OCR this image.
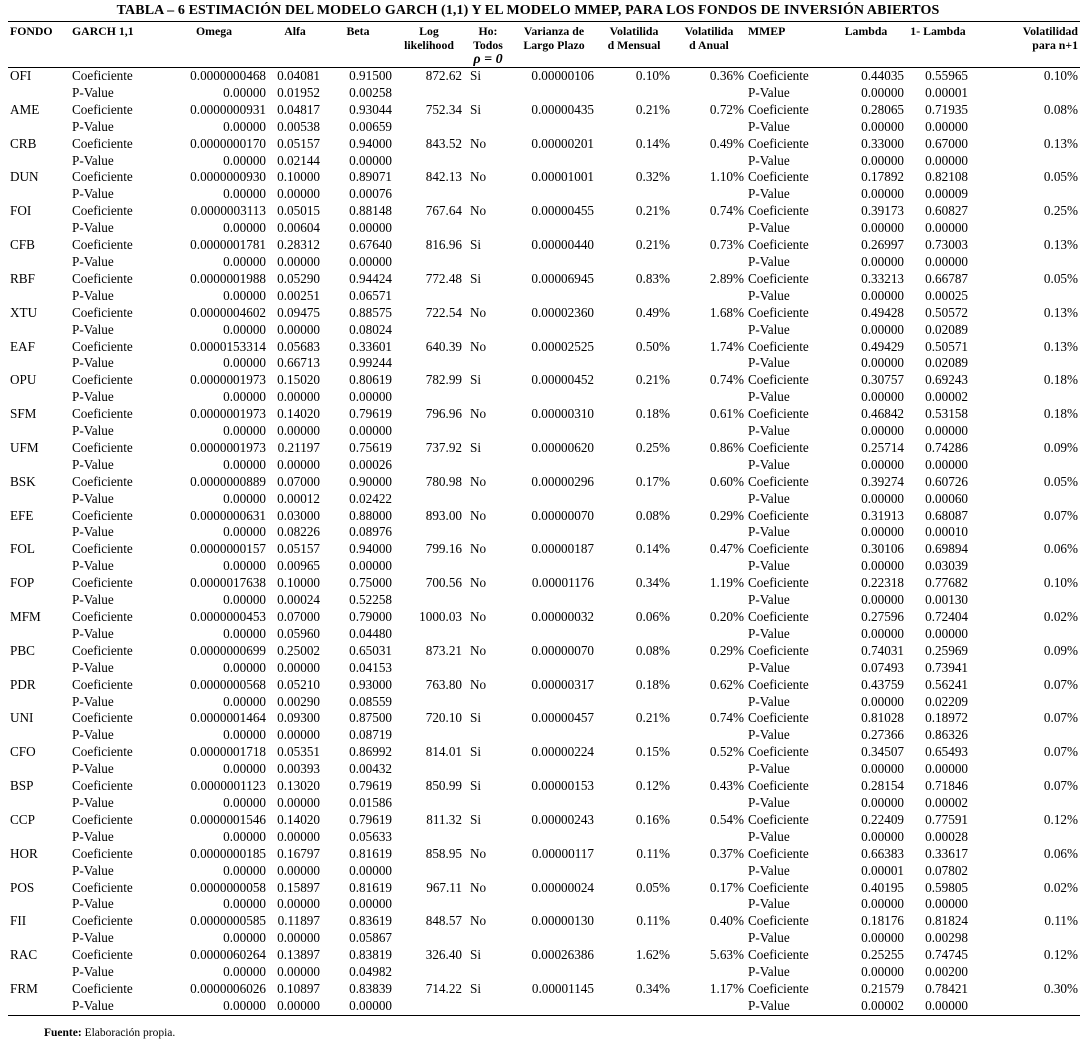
TABLA – 6 ESTIMACIÓN DEL MODELO GARCH (1,1) Y EL MODELO MMEP, PARA LOS FONDOS DE INVERSIÓN ABIERTOS
FONDO	GARCH 1,1	Omega	Alfa	Beta	Log
likelihood	Ho:
Todos
ρ = 0	Varianza de
Largo Plazo	Volatilida
d Mensual	Volatilida
d Anual	MMEP	Lambda	1- Lambda	Volatilidad
para n+1
OFI	Coeficiente	0.0000000468	0.04081	0.91500	872.62	Si	0.00000106	0.10%	0.36%	Coeficiente	0.44035	0.55965	0.10%
	P-Value	0.00000	0.01952	0.00258						P-Value	0.00000	0.00001	
AME	Coeficiente	0.0000000931	0.04817	0.93044	752.34	Si	0.00000435	0.21%	0.72%	Coeficiente	0.28065	0.71935	0.08%
	P-Value	0.00000	0.00538	0.00659						P-Value	0.00000	0.00000	
CRB	Coeficiente	0.0000000170	0.05157	0.94000	843.52	No	0.00000201	0.14%	0.49%	Coeficiente	0.33000	0.67000	0.13%
	P-Value	0.00000	0.02144	0.00000						P-Value	0.00000	0.00000	
DUN	Coeficiente	0.0000000930	0.10000	0.89071	842.13	No	0.00001001	0.32%	1.10%	Coeficiente	0.17892	0.82108	0.05%
	P-Value	0.00000	0.00000	0.00076						P-Value	0.00000	0.00009	
FOI	Coeficiente	0.0000003113	0.05015	0.88148	767.64	No	0.00000455	0.21%	0.74%	Coeficiente	0.39173	0.60827	0.25%
	P-Value	0.00000	0.00604	0.00000						P-Value	0.00000	0.00000	
CFB	Coeficiente	0.0000001781	0.28312	0.67640	816.96	Si	0.00000440	0.21%	0.73%	Coeficiente	0.26997	0.73003	0.13%
	P-Value	0.00000	0.00000	0.00000						P-Value	0.00000	0.00000	
RBF	Coeficiente	0.0000001988	0.05290	0.94424	772.48	Si	0.00006945	0.83%	2.89%	Coeficiente	0.33213	0.66787	0.05%
	P-Value	0.00000	0.00251	0.06571						P-Value	0.00000	0.00025	
XTU	Coeficiente	0.0000004602	0.09475	0.88575	722.54	No	0.00002360	0.49%	1.68%	Coeficiente	0.49428	0.50572	0.13%
	P-Value	0.00000	0.00000	0.08024						P-Value	0.00000	0.02089	
EAF	Coeficiente	0.0000153314	0.05683	0.33601	640.39	No	0.00002525	0.50%	1.74%	Coeficiente	0.49429	0.50571	0.13%
	P-Value	0.00000	0.66713	0.99244						P-Value	0.00000	0.02089	
OPU	Coeficiente	0.0000001973	0.15020	0.80619	782.99	Si	0.00000452	0.21%	0.74%	Coeficiente	0.30757	0.69243	0.18%
	P-Value	0.00000	0.00000	0.00000						P-Value	0.00000	0.00002	
SFM	Coeficiente	0.0000001973	0.14020	0.79619	796.96	No	0.00000310	0.18%	0.61%	Coeficiente	0.46842	0.53158	0.18%
	P-Value	0.00000	0.00000	0.00000						P-Value	0.00000	0.00000	
UFM	Coeficiente	0.0000001973	0.21197	0.75619	737.92	Si	0.00000620	0.25%	0.86%	Coeficiente	0.25714	0.74286	0.09%
	P-Value	0.00000	0.00000	0.00026						P-Value	0.00000	0.00000	
BSK	Coeficiente	0.0000000889	0.07000	0.90000	780.98	No	0.00000296	0.17%	0.60%	Coeficiente	0.39274	0.60726	0.05%
	P-Value	0.00000	0.00012	0.02422						P-Value	0.00000	0.00060	
EFE	Coeficiente	0.0000000631	0.03000	0.88000	893.00	No	0.00000070	0.08%	0.29%	Coeficiente	0.31913	0.68087	0.07%
	P-Value	0.00000	0.08226	0.08976						P-Value	0.00000	0.00010	
FOL	Coeficiente	0.0000000157	0.05157	0.94000	799.16	No	0.00000187	0.14%	0.47%	Coeficiente	0.30106	0.69894	0.06%
	P-Value	0.00000	0.00965	0.00000						P-Value	0.00000	0.03039	
FOP	Coeficiente	0.0000017638	0.10000	0.75000	700.56	No	0.00001176	0.34%	1.19%	Coeficiente	0.22318	0.77682	0.10%
	P-Value	0.00000	0.00024	0.52258						P-Value	0.00000	0.00130	
MFM	Coeficiente	0.0000000453	0.07000	0.79000	1000.03	No	0.00000032	0.06%	0.20%	Coeficiente	0.27596	0.72404	0.02%
	P-Value	0.00000	0.05960	0.04480						P-Value	0.00000	0.00000	
PBC	Coeficiente	0.0000000699	0.25002	0.65031	873.21	No	0.00000070	0.08%	0.29%	Coeficiente	0.74031	0.25969	0.09%
	P-Value	0.00000	0.00000	0.04153						P-Value	0.07493	0.73941	
PDR	Coeficiente	0.0000000568	0.05210	0.93000	763.80	No	0.00000317	0.18%	0.62%	Coeficiente	0.43759	0.56241	0.07%
	P-Value	0.00000	0.00290	0.08559						P-Value	0.00000	0.02209	
UNI	Coeficiente	0.0000001464	0.09300	0.87500	720.10	Si	0.00000457	0.21%	0.74%	Coeficiente	0.81028	0.18972	0.07%
	P-Value	0.00000	0.00000	0.08719						P-Value	0.27366	0.86326	
CFO	Coeficiente	0.0000001718	0.05351	0.86992	814.01	Si	0.00000224	0.15%	0.52%	Coeficiente	0.34507	0.65493	0.07%
	P-Value	0.00000	0.00393	0.00432						P-Value	0.00000	0.00000	
BSP	Coeficiente	0.0000001123	0.13020	0.79619	850.99	Si	0.00000153	0.12%	0.43%	Coeficiente	0.28154	0.71846	0.07%
	P-Value	0.00000	0.00000	0.01586						P-Value	0.00000	0.00002	
CCP	Coeficiente	0.0000001546	0.14020	0.79619	811.32	Si	0.00000243	0.16%	0.54%	Coeficiente	0.22409	0.77591	0.12%
	P-Value	0.00000	0.00000	0.05633						P-Value	0.00000	0.00028	
HOR	Coeficiente	0.0000000185	0.16797	0.81619	858.95	No	0.00000117	0.11%	0.37%	Coeficiente	0.66383	0.33617	0.06%
	P-Value	0.00000	0.00000	0.00000						P-Value	0.00001	0.07802	
POS	Coeficiente	0.0000000058	0.15897	0.81619	967.11	No	0.00000024	0.05%	0.17%	Coeficiente	0.40195	0.59805	0.02%
	P-Value	0.00000	0.00000	0.00000						P-Value	0.00000	0.00000	
FII	Coeficiente	0.0000000585	0.11897	0.83619	848.57	No	0.00000130	0.11%	0.40%	Coeficiente	0.18176	0.81824	0.11%
	P-Value	0.00000	0.00000	0.05867						P-Value	0.00000	0.00298	
RAC	Coeficiente	0.0000060264	0.13897	0.83819	326.40	Si	0.00026386	1.62%	5.63%	Coeficiente	0.25255	0.74745	0.12%
	P-Value	0.00000	0.00000	0.04982						P-Value	0.00000	0.00200	
FRM	Coeficiente	0.0000006026	0.10897	0.83839	714.22	Si	0.00001145	0.34%	1.17%	Coeficiente	0.21579	0.78421	0.30%
	P-Value	0.00000	0.00000	0.00000						P-Value	0.00002	0.00000	
Fuente: Elaboración propia.
